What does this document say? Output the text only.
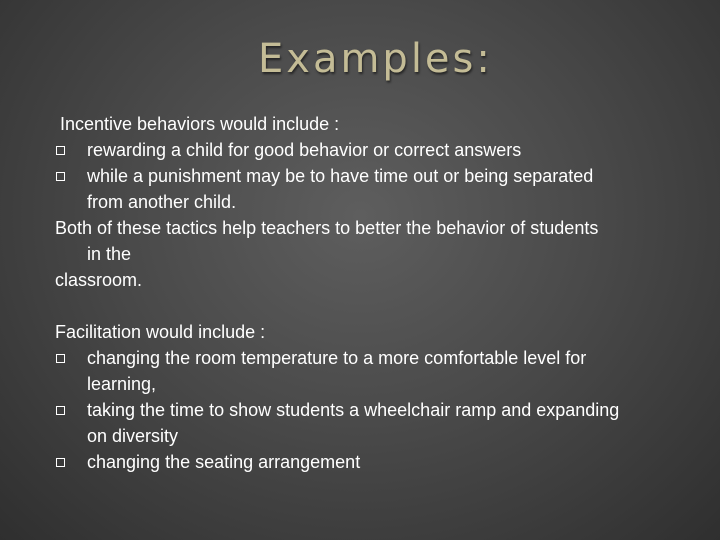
Examples:
Incentive behaviors would include :
rewarding a child for good behavior or correct answers
while a punishment may be to have time out or being separated
from another child.
Both of these tactics help teachers to better the behavior of students
in the
classroom.
Facilitation would include :
changing the room temperature to a more comfortable level for
learning,
taking the time to show students a wheelchair ramp and expanding
on diversity
changing the seating arrangement
